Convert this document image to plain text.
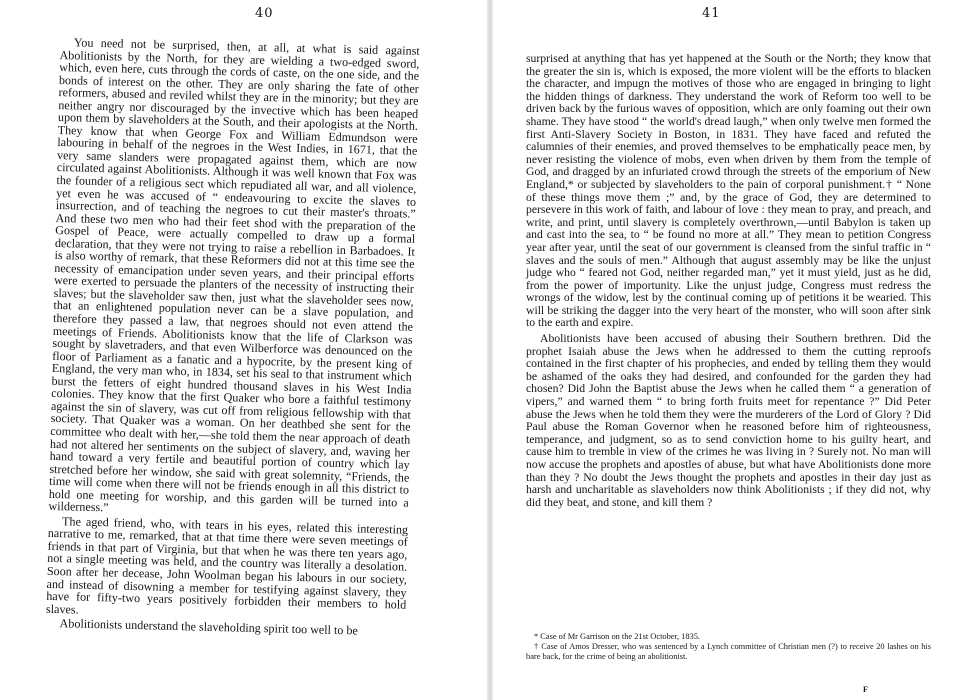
40

You need not be surprised, then, at all, at what is said against Abolitionists by the North, for they are wielding a two-edged sword, which, even here, cuts through the cords of caste, on the one side, and the bonds of interest on the other. They are only sharing the fate of other reformers, abused and reviled whilst they are in the minority; but they are neither angry nor discouraged by the invective which has been heaped upon them by slaveholders at the South, and their apologists at the North. They know that when George Fox and William Edmundson were labouring in behalf of the negroes in the West Indies, in 1671, that the very same slanders were propagated against them, which are now circulated against Abolitionists. Although it was well known that Fox was the founder of a religious sect which repudiated all war, and all violence, yet even he was accused of “ endeavouring to excite the slaves to insurrection, and of teaching the negroes to cut their master's throats.” And these two men who had their feet shod with the preparation of the Gospel of Peace, were actually compelled to draw up a formal declaration, that they were not trying to raise a rebellion in Barbadoes. It is also worthy of remark, that these Reformers did not at this time see the necessity of emancipation under seven years, and their principal efforts were exerted to persuade the planters of the necessity of instructing their slaves; but the slaveholder saw then, just what the slaveholder sees now, that an enlightened population never can be a slave population, and therefore they passed a law, that negroes should not even attend the meetings of Friends. Abolitionists know that the life of Clarkson was sought by slavetraders, and that even Wilberforce was denounced on the floor of Parliament as a fanatic and a hypocrite, by the present king of England, the very man who, in 1834, set his seal to that instrument which burst the fetters of eight hundred thousand slaves in his West India colonies. They know that the first Quaker who bore a faithful testimony against the sin of slavery, was cut off from religious fellowship with that society. That Quaker was a woman. On her deathbed she sent for the committee who dealt with her,—she told them the near approach of death had not altered her sentiments on the subject of slavery, and, waving her hand toward a very fertile and beautiful portion of country which lay stretched before her window, she said with great solemnity, “Friends, the time will come when there will not be friends enough in all this district to hold one meeting for worship, and this garden will be turned into a wilderness.”

The aged friend, who, with tears in his eyes, related this interesting narrative to me, remarked, that at that time there were seven meetings of friends in that part of Virginia, but that when he was there ten years ago, not a single meeting was held, and the country was literally a desolation. Soon after her decease, John Woolman began his labours in our society, and instead of disowning a member for testifying against slavery, they have for fifty-two years positively forbidden their members to hold slaves.

Abolitionists understand the slaveholding spirit too well to be

41

surprised at anything that has yet happened at the South or the North; they know that the greater the sin is, which is exposed, the more violent will be the efforts to blacken the character, and impugn the motives of those who are engaged in bringing to light the hidden things of darkness. They understand the work of Reform too well to be driven back by the furious waves of opposition, which are only foaming out their own shame. They have stood “ the world's dread laugh,” when only twelve men formed the first Anti-Slavery Society in Boston, in 1831. They have faced and refuted the calumnies of their enemies, and proved themselves to be emphatically peace men, by never resisting the violence of mobs, even when driven by them from the temple of God, and dragged by an infuriated crowd through the streets of the emporium of New England,* or subjected by slaveholders to the pain of corporal punishment.† “ None of these things move them ;” and, by the grace of God, they are determined to persevere in this work of faith, and labour of love : they mean to pray, and preach, and write, and print, until slavery is completely overthrown,—until Babylon is taken up and cast into the sea, to “ be found no more at all.” They mean to petition Congress year after year, until the seat of our government is cleansed from the sinful traffic in “ slaves and the souls of men.” Although that august assembly may be like the unjust judge who “ feared not God, neither regarded man,” yet it must yield, just as he did, from the power of importunity. Like the unjust judge, Congress must redress the wrongs of the widow, lest by the continual coming up of petitions it be wearied. This will be striking the dagger into the very heart of the monster, who will soon after sink to the earth and expire.

Abolitionists have been accused of abusing their Southern brethren. Did the prophet Isaiah abuse the Jews when he addressed to them the cutting reproofs contained in the first chapter of his prophecies, and ended by telling them they would be ashamed of the oaks they had desired, and confounded for the garden they had chosen? Did John the Baptist abuse the Jews when he called them “ a generation of vipers,” and warned them “ to bring forth fruits meet for repentance ?” Did Peter abuse the Jews when he told them they were the murderers of the Lord of Glory ? Did Paul abuse the Roman Governor when he reasoned before him of righteousness, temperance, and judgment, so as to send conviction home to his guilty heart, and cause him to tremble in view of the crimes he was living in ? Surely not. No man will now accuse the prophets and apostles of abuse, but what have Abolitionists done more than they ? No doubt the Jews thought the prophets and apostles in their day just as harsh and uncharitable as slaveholders now think Abolitionists ; if they did not, why did they beat, and stone, and kill them ?

* Case of Mr Garrison on the 21st October, 1835.

† Case of Amos Dresser, who was sentenced by a Lynch committee of Christian men (?) to receive 20 lashes on his bare back, for the crime of being an abolitionist.

F
